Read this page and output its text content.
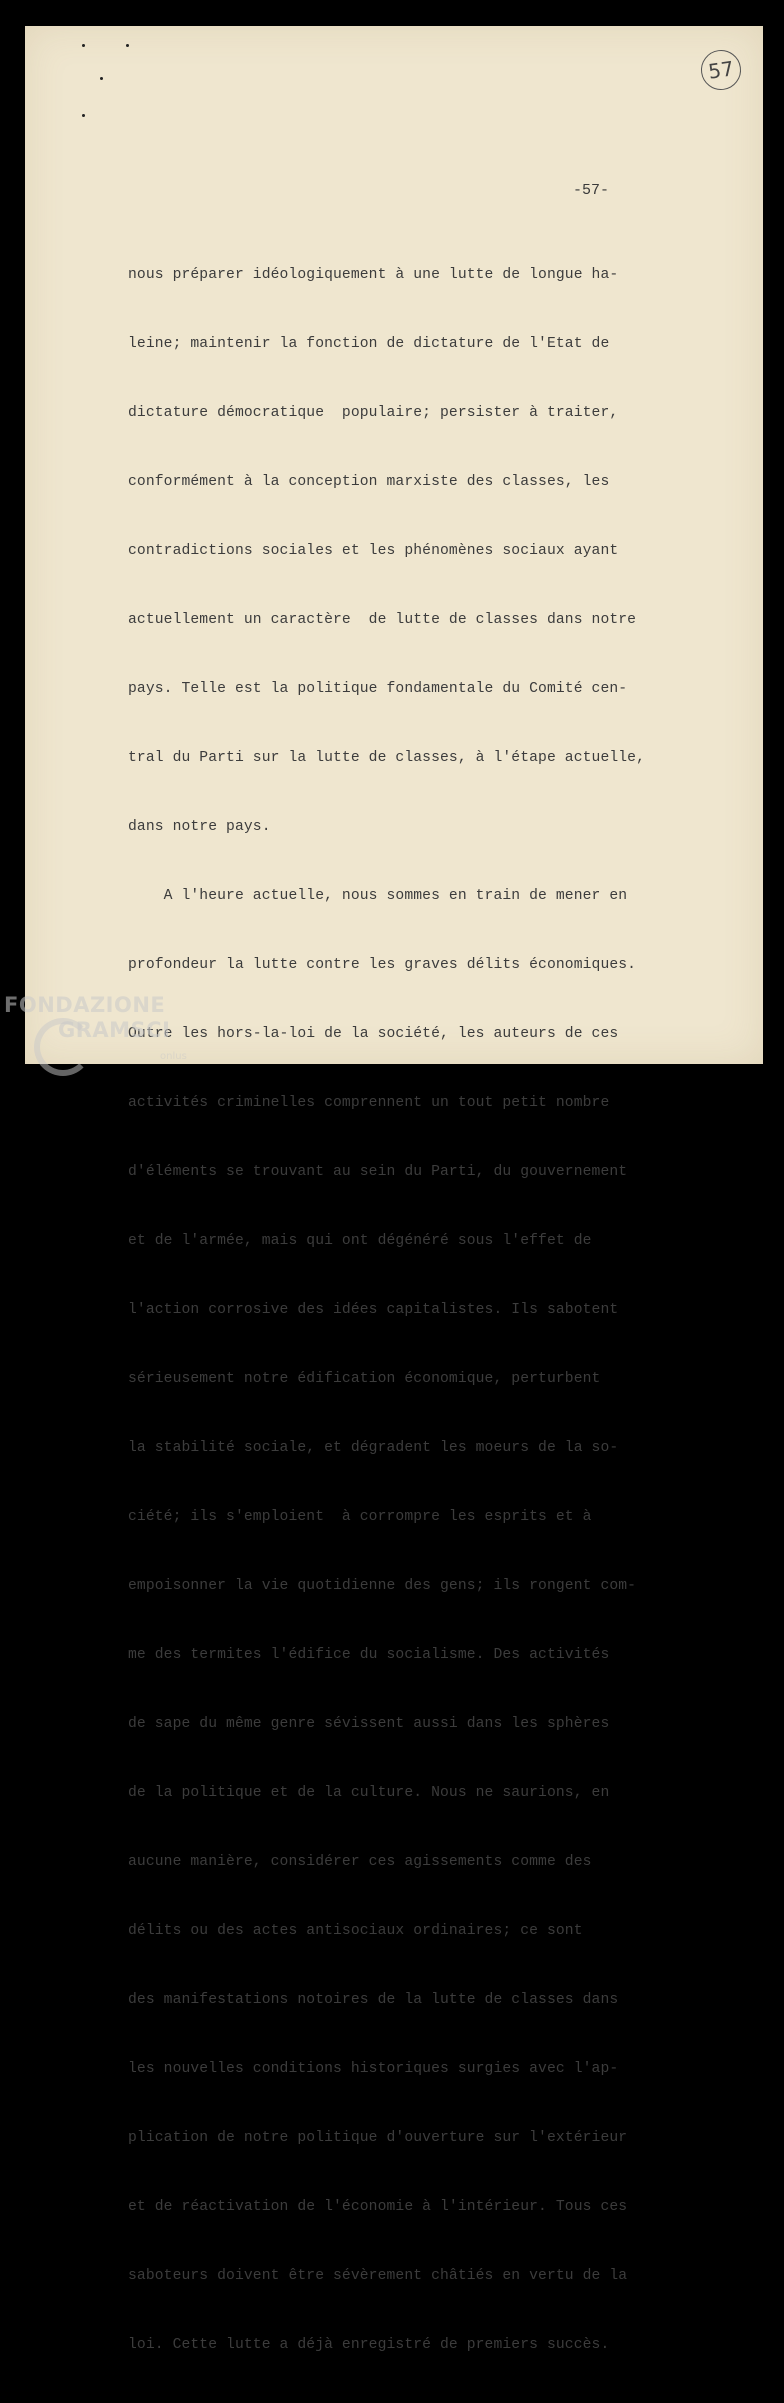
57
-57-

nous préparer idéologiquement à une lutte de longue ha-

leine; maintenir la fonction de dictature de l'Etat de

dictature démocratique  populaire; persister à traiter,

conformément à la conception marxiste des classes, les

contradictions sociales et les phénomènes sociaux ayant

actuellement un caractère  de lutte de classes dans notre

pays. Telle est la politique fondamentale du Comité cen-

tral du Parti sur la lutte de classes, à l'étape actuelle,

dans notre pays.

A l'heure actuelle, nous sommes en train de mener en

profondeur la lutte contre les graves délits économiques.

Outre les hors-la-loi de la société, les auteurs de ces

activités criminelles comprennent un tout petit nombre

d'éléments se trouvant au sein du Parti, du gouvernement

et de l'armée, mais qui ont dégénéré sous l'effet de

l'action corrosive des idées capitalistes. Ils sabotent

sérieusement notre édification économique, perturbent

la stabilité sociale, et dégradent les moeurs de la so-

ciété; ils s'emploient  à corrompre les esprits et à

empoisonner la vie quotidienne des gens; ils rongent com-

me des termites l'édifice du socialisme. Des activités

de sape du même genre sévissent aussi dans les sphères

de la politique et de la culture. Nous ne saurions, en

aucune manière, considérer ces agissements comme des

délits ou des actes antisociaux ordinaires; ce sont

des manifestations notoires de la lutte de classes dans

les nouvelles conditions historiques surgies avec l'ap-

plication de notre politique d'ouverture sur l'extérieur

et de réactivation de l'économie à l'intérieur. Tous ces

saboteurs doivent être sévèrement châtiés en vertu de la

loi. Cette lutte a déjà enregistré de premiers succès.

FONDAZIONE
GRAMSCI
onlus
